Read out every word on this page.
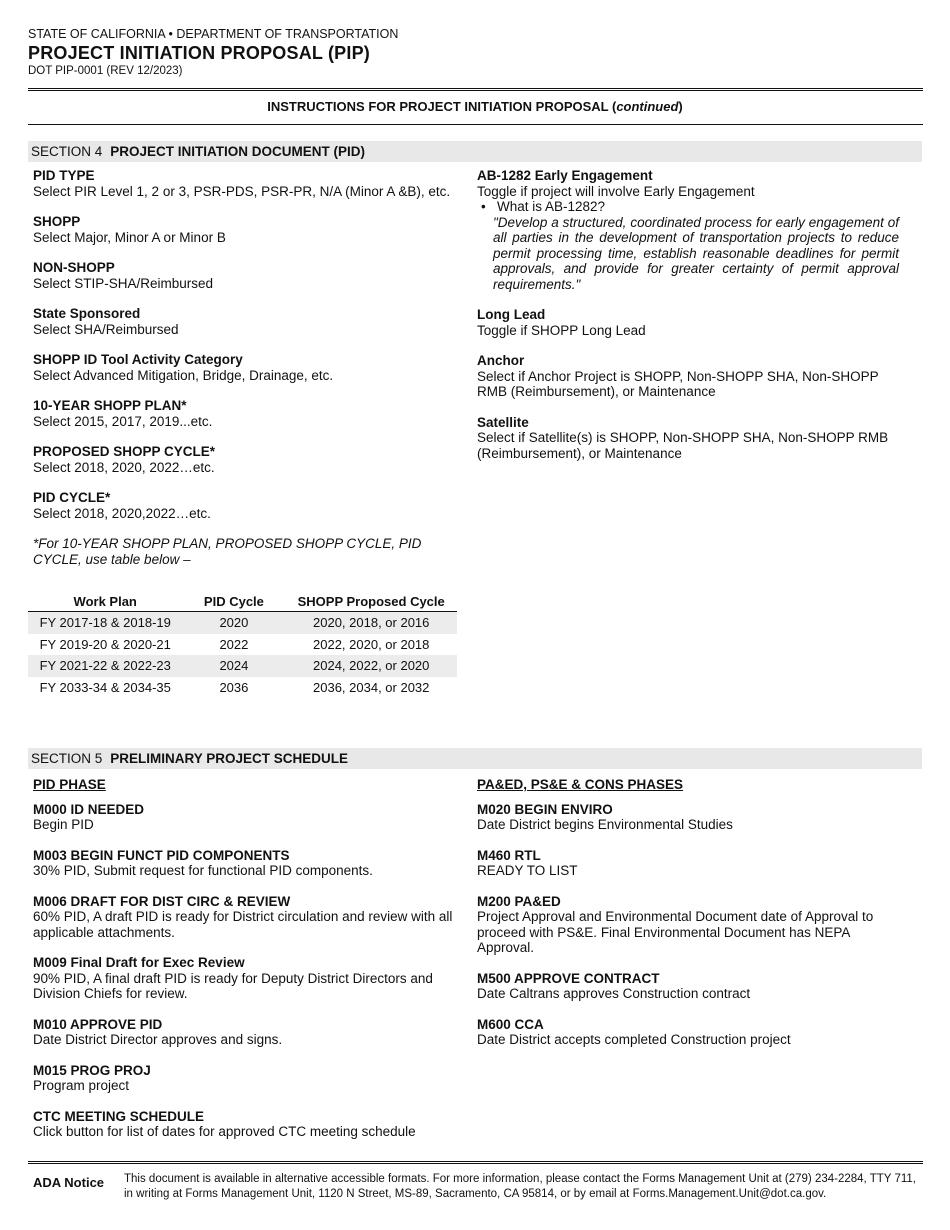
STATE OF CALIFORNIA • DEPARTMENT OF TRANSPORTATION
PROJECT INITIATION PROPOSAL (PIP)
DOT PIP-0001 (REV 12/2023)
INSTRUCTIONS FOR PROJECT INITIATION PROPOSAL (continued)
SECTION 4 PROJECT INITIATION DOCUMENT (PID)
PID TYPE
Select PIR Level 1, 2 or 3, PSR-PDS, PSR-PR, N/A (Minor A &B), etc.
SHOPP
Select Major, Minor A or Minor B
NON-SHOPP
Select STIP-SHA/Reimbursed
State Sponsored
Select SHA/Reimbursed
SHOPP ID Tool Activity Category
Select Advanced Mitigation, Bridge, Drainage, etc.
10-YEAR SHOPP PLAN*
Select 2015, 2017, 2019...etc.
PROPOSED SHOPP CYCLE*
Select 2018, 2020, 2022…etc.
PID CYCLE*
Select 2018, 2020,2022…etc.
*For 10-YEAR SHOPP PLAN, PROPOSED SHOPP CYCLE, PID CYCLE, use table below –
Work Plan	PID Cycle	SHOPP Proposed Cycle
FY 2017-18 & 2018-19	2020	2020, 2018, or 2016
FY 2019-20 & 2020-21	2022	2022, 2020, or 2018
FY 2021-22 & 2022-23	2024	2024, 2022, or 2020
FY 2033-34 & 2034-35	2036	2036, 2034, or 2032
AB-1282 Early Engagement
Toggle if project will involve Early Engagement
•   What is AB-1282?
"Develop a structured, coordinated process for early engagement of all parties in the development of transportation projects to reduce permit processing time, establish reasonable deadlines for permit approvals, and provide for greater certainty of permit approval requirements."
Long Lead
Toggle if SHOPP Long Lead
Anchor
Select if Anchor Project is SHOPP, Non-SHOPP SHA, Non-SHOPP RMB (Reimbursement), or Maintenance
Satellite
Select if Satellite(s) is SHOPP, Non-SHOPP SHA, Non-SHOPP RMB (Reimbursement), or Maintenance
SECTION 5 PRELIMINARY PROJECT SCHEDULE
PID PHASE
M000 ID NEEDED
Begin PID
M003 BEGIN FUNCT PID COMPONENTS
30% PID, Submit request for functional PID components.
M006 DRAFT FOR DIST CIRC & REVIEW
60% PID, A draft PID is ready for District circulation and review with all applicable attachments.
M009 Final Draft for Exec Review
90% PID, A final draft PID is ready for Deputy District Directors and Division Chiefs for review.
M010 APPROVE PID
Date District Director approves and signs.
M015 PROG PROJ
Program project
CTC MEETING SCHEDULE
Click button for list of dates for approved CTC meeting schedule
PA&ED, PS&E & CONS PHASES
M020 BEGIN ENVIRO
Date District begins Environmental Studies
M460 RTL
READY TO LIST
M200 PA&ED
Project Approval and Environmental Document date of Approval to proceed with PS&E. Final Environmental Document has NEPA Approval.
M500 APPROVE CONTRACT
Date Caltrans approves Construction contract
M600 CCA
Date District accepts completed Construction project
ADA Notice This document is available in alternative accessible formats. For more information, please contact the Forms Management Unit at (279) 234-2284, TTY 711, in writing at Forms Management Unit, 1120 N Street, MS-89, Sacramento, CA 95814, or by email at Forms.Management.Unit@dot.ca.gov.
